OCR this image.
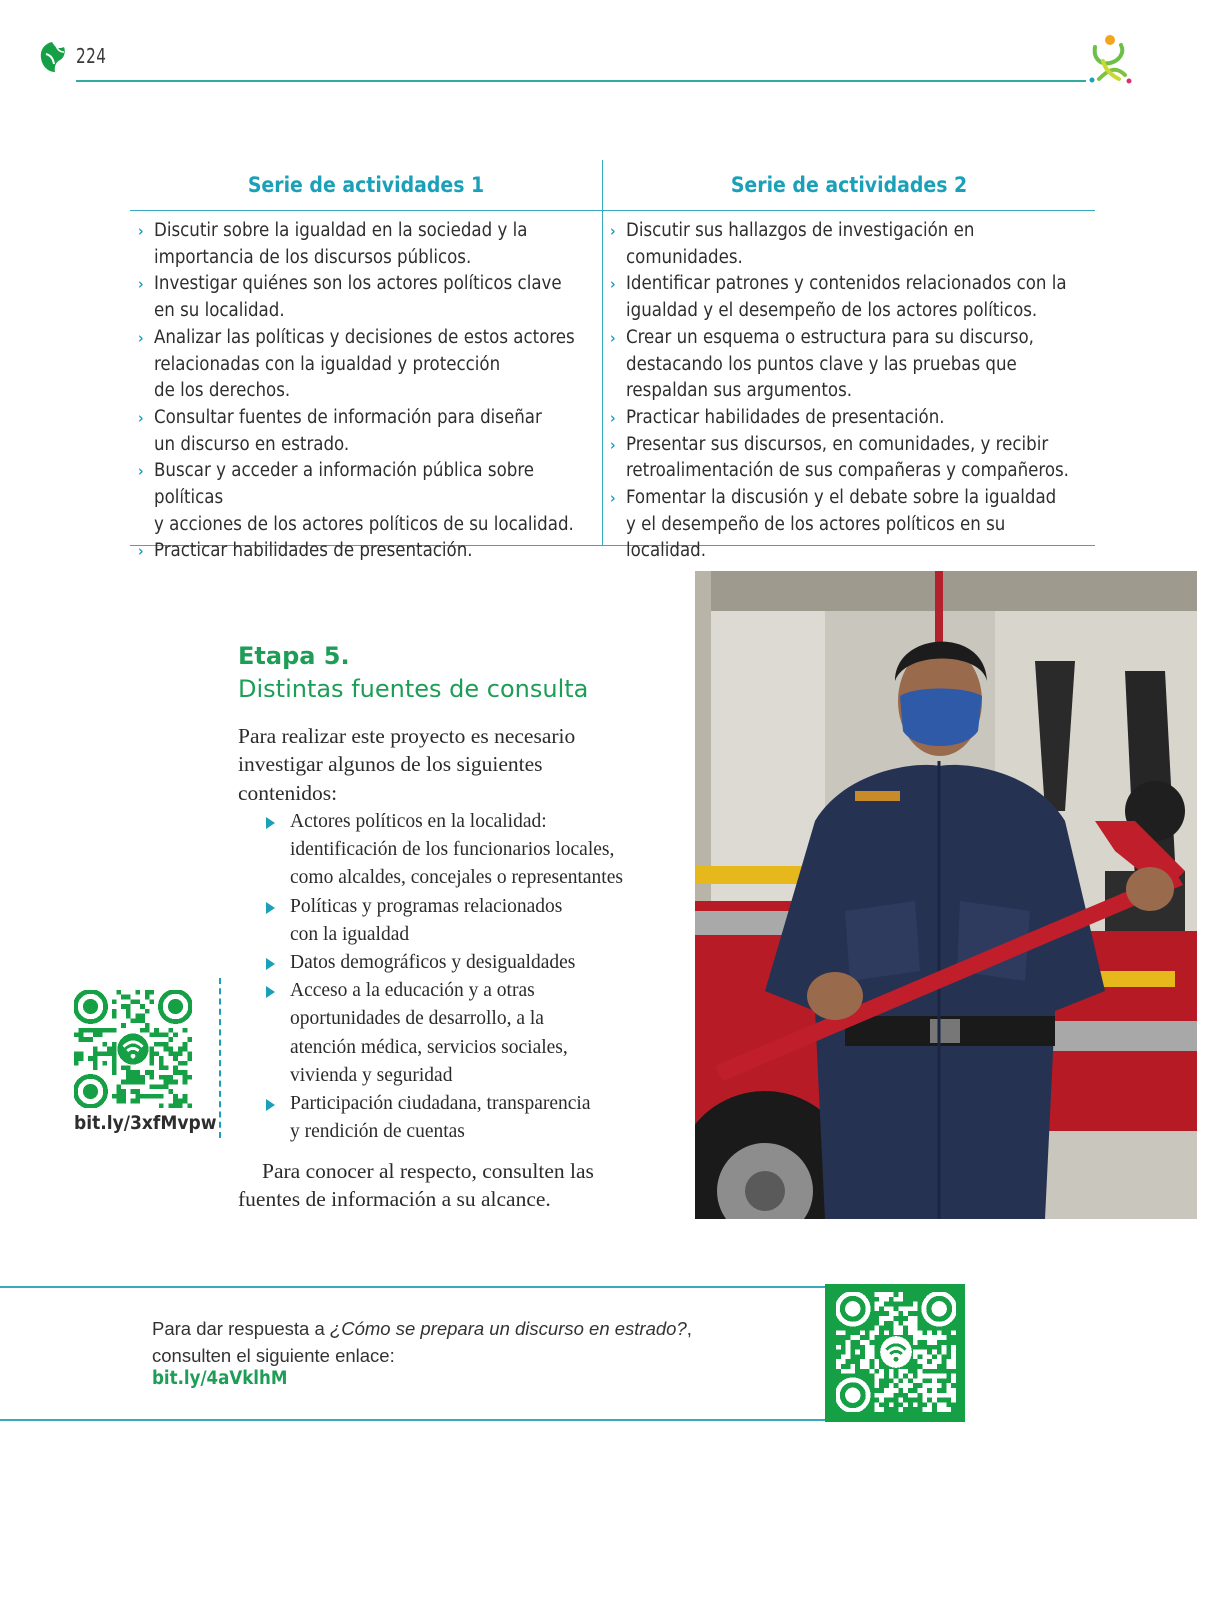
224
Serie de actividades 1	Serie de actividades 2
› Discutir sobre la igualdad en la sociedad y la
importancia de los discursos públicos.
› Investigar quiénes son los actores políticos clave
en su localidad.
› Analizar las políticas y decisiones de estos actores
relacionadas con la igualdad y protección
de los derechos.
› Consultar fuentes de información para diseñar
un discurso en estrado.
› Buscar y acceder a información pública sobre políticas
y acciones de los actores políticos de su localidad.
› Practicar habilidades de presentación.
› Discutir sus hallazgos de investigación en comunidades.
› Identificar patrones y contenidos relacionados con la
igualdad y el desempeño de los actores políticos.
› Crear un esquema o estructura para su discurso,
destacando los puntos clave y las pruebas que
respaldan sus argumentos.
› Practicar habilidades de presentación.
› Presentar sus discursos, en comunidades, y recibir
retroalimentación de sus compañeras y compañeros.
› Fomentar la discusión y el debate sobre la igualdad
y el desempeño de los actores políticos en su localidad.
Etapa 5.
Distintas fuentes de consulta
Para realizar este proyecto es necesario
investigar algunos de los siguientes
contenidos:
Actores políticos en la localidad:
identificación de los funcionarios locales,
como alcaldes, concejales o representantes
Políticas y programas relacionados
con la igualdad
Datos demográficos y desigualdades
Acceso a la educación y a otras
oportunidades de desarrollo, a la
atención médica, servicios sociales,
vivienda y seguridad
Participación ciudadana, transparencia
y rendición de cuentas
Para conocer al respecto, consulten las
fuentes de información a su alcance.
bit.ly/3xfMvpw
Para dar respuesta a ¿Cómo se prepara un discurso en estrado?,
consulten el siguiente enlace:
bit.ly/4aVklhM
